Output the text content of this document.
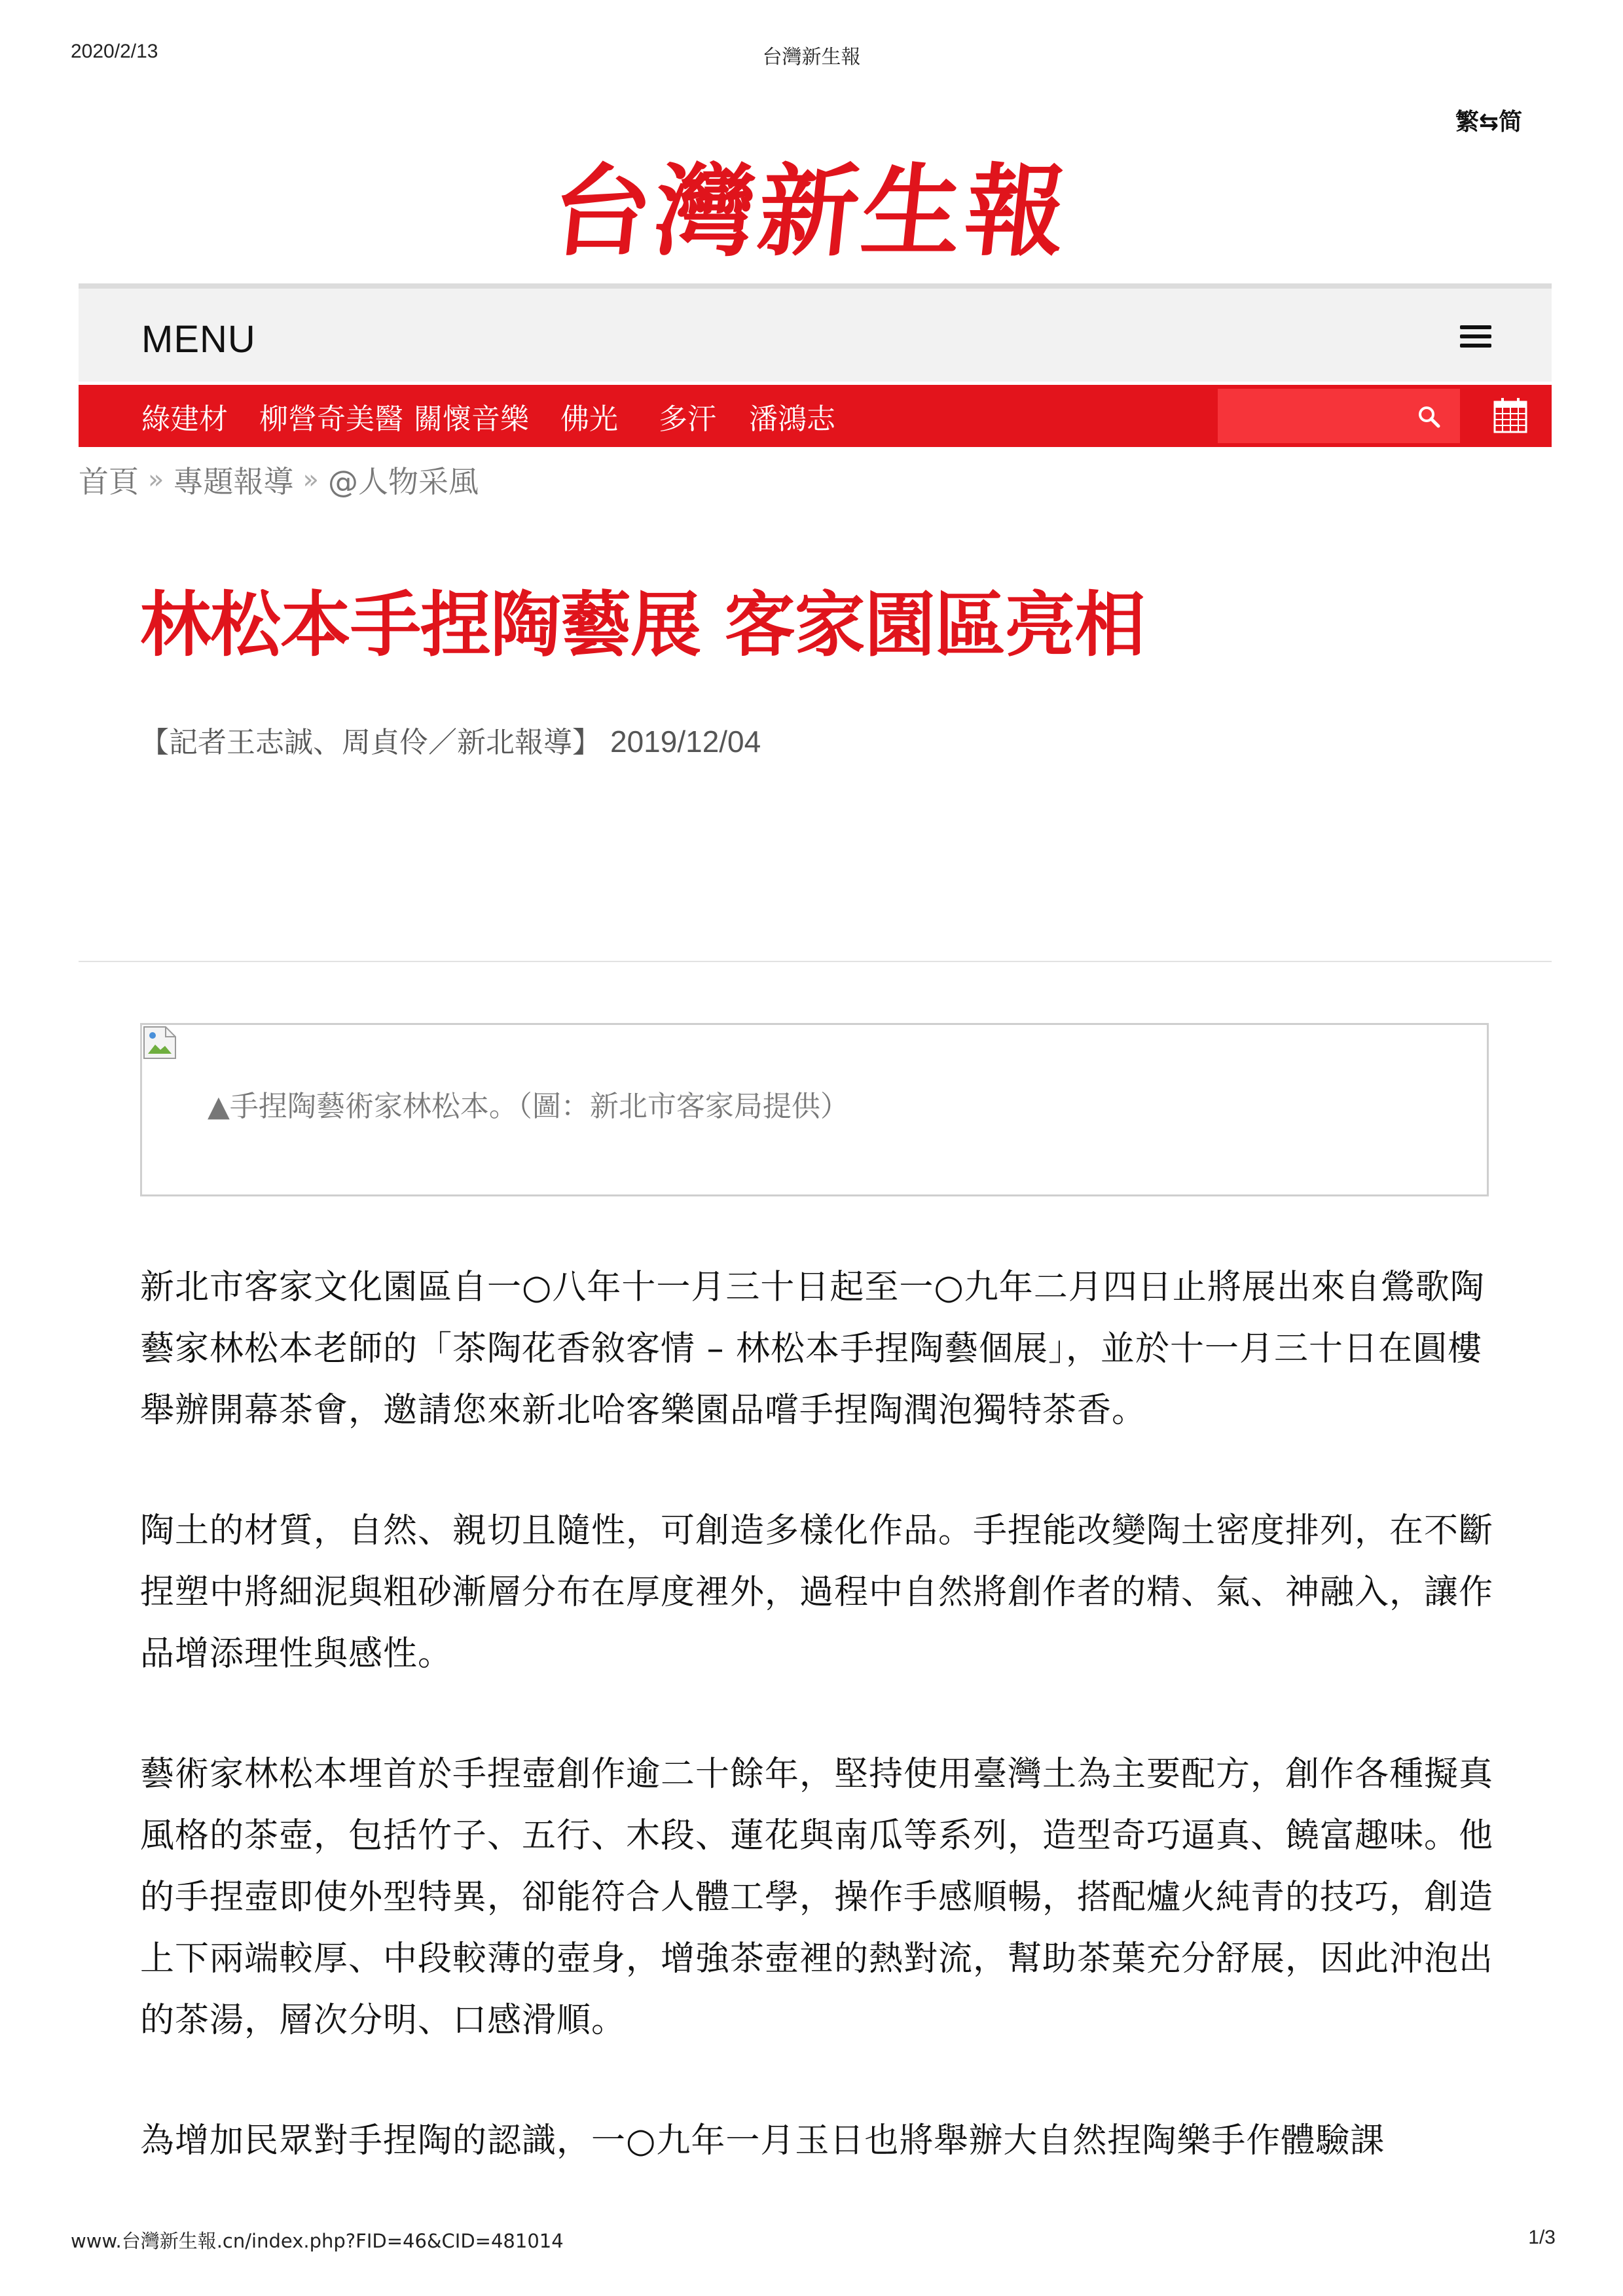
2020/2/13	台灣新生報
繁⇆简
台灣新生報
MENU
綠建材 柳營奇美醫 關懷音樂 佛光 多汗 潘鴻志
首頁 » 專題報導 » @人物采風
林松本手捏陶藝展 客家園區亮相
【記者王志誠、周貞伶／新北報導】 2019/12/04
▲手捏陶藝術家林松本。（圖：新北市客家局提供）

新北市客家文化園區自一○八年十一月三十日起至一○九年二月四日止將展出來自鶯歌陶藝家林松本老師的「茶陶花香敘客情 – 林松本手捏陶藝個展」，並於十一月三十日在圓樓舉辦開幕茶會，邀請您來新北哈客樂園品嚐手捏陶潤泡獨特茶香。

陶土的材質，自然、親切且隨性，可創造多樣化作品。手捏能改變陶土密度排列，在不斷捏塑中將細泥與粗砂漸層分布在厚度裡外，過程中自然將創作者的精、氣、神融入，讓作品增添理性與感性。

藝術家林松本埋首於手捏壺創作逾二十餘年，堅持使用臺灣土為主要配方，創作各種擬真風格的茶壺，包括竹子、五行、木段、蓮花與南瓜等系列，造型奇巧逼真、饒富趣味。他的手捏壺即使外型特異，卻能符合人體工學，操作手感順暢，搭配爐火純青的技巧，創造上下兩端較厚、中段較薄的壺身，增強茶壺裡的熱對流，幫助茶葉充分舒展，因此沖泡出的茶湯，層次分明、口感滑順。

為增加民眾對手捏陶的認識，一○九年一月玉日也將舉辦大自然捏陶樂手作體驗課

www.台灣新生報.cn/index.php?FID=46&CID=481014	1/3
